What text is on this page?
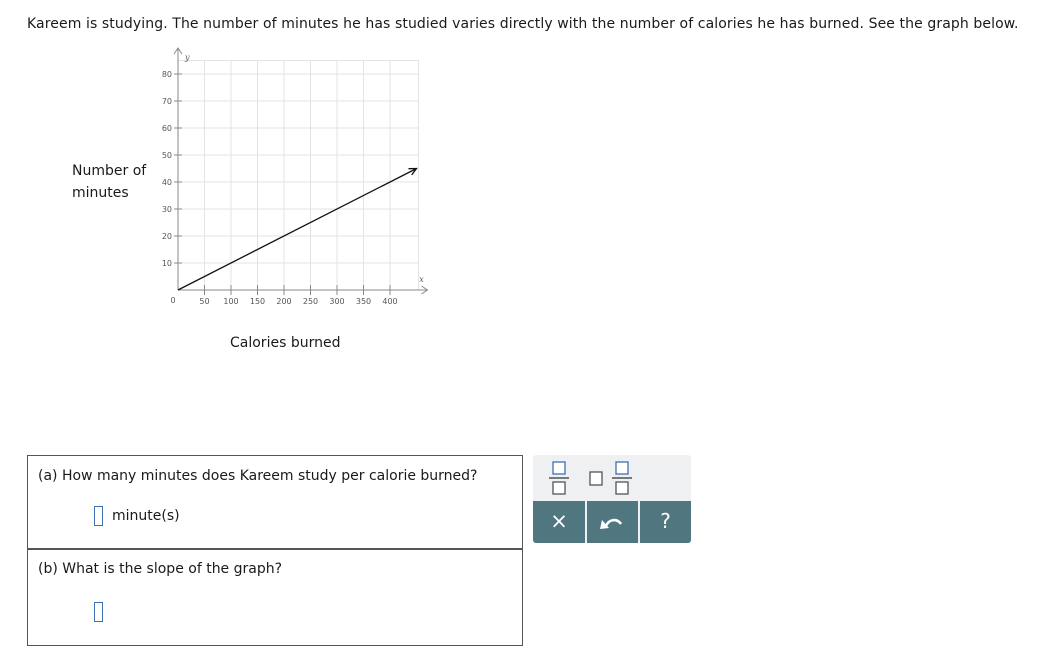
Kareem is studying. The number of minutes he has studied varies directly with the number of calories he has burned. See the graph below.
Number of
minutes
50 100 150 200 250 300 350 400
10
20
30
40
50
60
70
80
0
x
y
Calories burned
(a) How many minutes does Kareem study per calorie burned?
minute(s)
(b) What is the slope of the graph?
×	?
